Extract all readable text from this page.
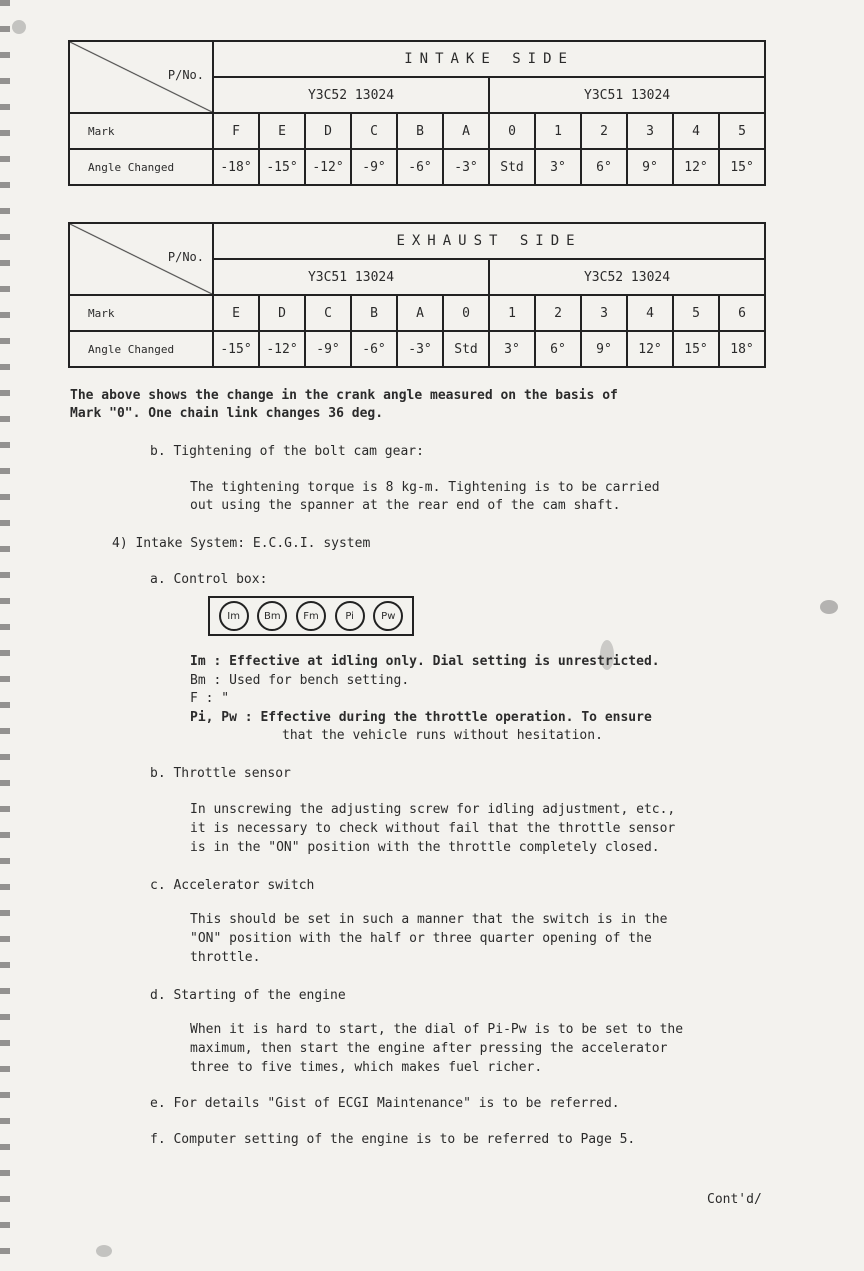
P/No.	INTAKE SIDE											
	Y3C52 13024						Y3C51 13024					
Mark	F	E	D	C	B	A	0	1	2	3	4	5
Angle Changed	-18°	-15°	-12°	-9°	-6°	-3°	Std	3°	6°	9°	12°	15°
P/No.	EXHAUST SIDE											
	Y3C51 13024						Y3C52 13024					
Mark	E	D	C	B	A	0	1	2	3	4	5	6
Angle Changed	-15°	-12°	-9°	-6°	-3°	Std	3°	6°	9°	12°	15°	18°
The above shows the change in the crank angle measured on the basis of
Mark "0". One chain link changes 36 deg.
b. Tightening of the bolt cam gear:
The tightening torque is 8 kg-m. Tightening is to be carried
out using the spanner at the rear end of the cam shaft.
4) Intake System: E.C.G.I. system
a. Control box:
Im	Bm	Fm	Pi	Pw
Im : Effective at idling only. Dial setting is unrestricted.
Bm : Used for bench setting.
F : "
Pi, Pw : Effective during the throttle operation. To ensure
that the vehicle runs without hesitation.
b. Throttle sensor
In unscrewing the adjusting screw for idling adjustment, etc.,
it is necessary to check without fail that the throttle sensor
is in the "ON" position with the throttle completely closed.
c. Accelerator switch
This should be set in such a manner that the switch is in the
"ON" position with the half or three quarter opening of the
throttle.
d. Starting of the engine
When it is hard to start, the dial of Pi-Pw is to be set to the
maximum, then start the engine after pressing the accelerator
three to five times, which makes fuel richer.
e. For details "Gist of ECGI Maintenance" is to be referred.
f. Computer setting of the engine is to be referred to Page 5.
Cont'd/
